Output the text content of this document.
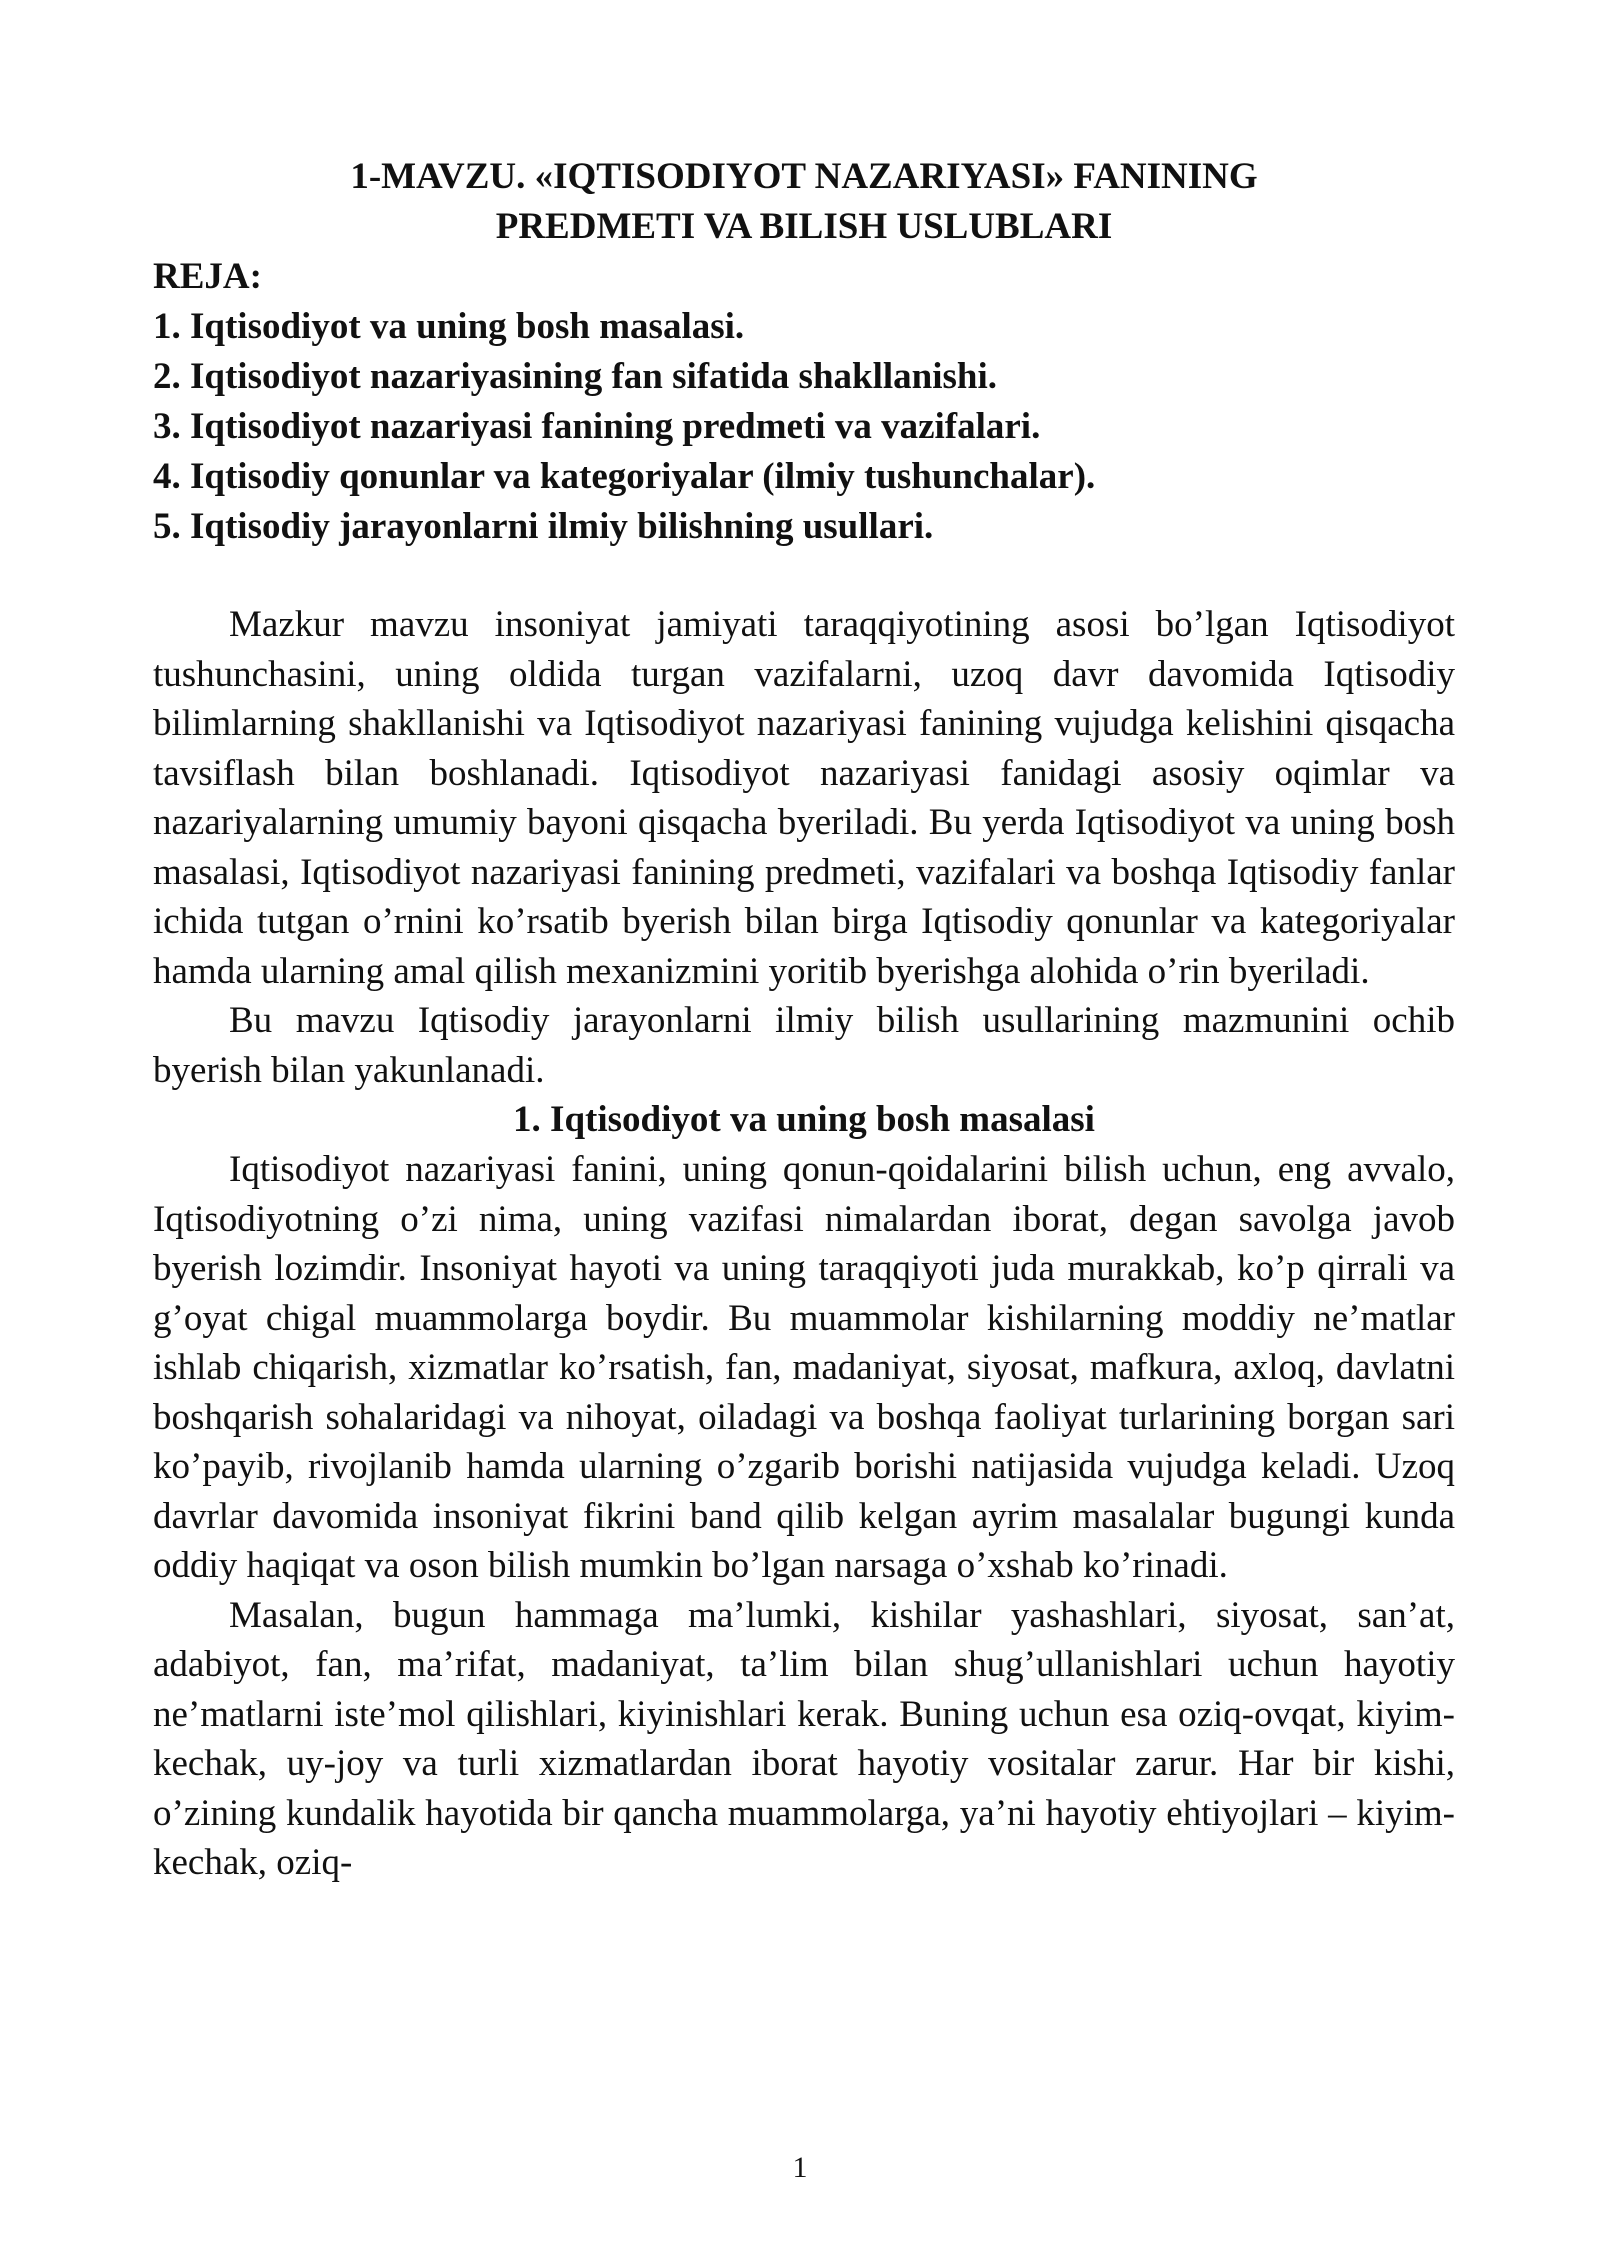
1-MAVZU. «IQTISODIYOT NAZARIYASI» FANINING

PREDMETI VA BILISH USLUBLARI

REJA:

1. Iqtisodiyot va uning bosh masalasi.
2. Iqtisodiyot nazariyasining fan sifatida shakllanishi.
3. Iqtisodiyot nazariyasi fanining predmeti va vazifalari.
4. Iqtisodiy qonunlar va kategoriyalar (ilmiy tushunchalar).
5. Iqtisodiy jarayonlarni ilmiy bilishning usullari.

Mazkur mavzu insoniyat jamiyati taraqqiyotining asosi bo’lgan Iqtisodiyot tushunchasini, uning oldida turgan vazifalarni, uzoq davr davomida Iqtisodiy bilimlarning shakllanishi va Iqtisodiyot nazariyasi fanining vujudga kelishini qisqacha tavsiflash bilan boshlanadi. Iqtisodiyot nazariyasi fanidagi asosiy oqimlar va nazariyalarning umumiy bayoni qisqacha byeriladi. Bu yerda Iqtisodiyot va uning bosh masalasi, Iqtisodiyot nazariyasi fanining predmeti, vazifalari va boshqa Iqtisodiy fanlar ichida tutgan o’rnini ko’rsatib byerish bilan birga Iqtisodiy qonunlar va kategoriyalar hamda ularning amal qilish mexanizmini yoritib byerishga alohida o’rin byeriladi.

Bu mavzu Iqtisodiy jarayonlarni ilmiy bilish usullarining mazmunini ochib byerish bilan yakunlanadi.

1. Iqtisodiyot va uning bosh masalasi

Iqtisodiyot nazariyasi fanini, uning qonun-qoidalarini bilish uchun, eng avvalo, Iqtisodiyotning o’zi nima, uning vazifasi nimalardan iborat, degan savolga javob byerish lozimdir. Insoniyat hayoti va uning taraqqiyoti juda murakkab, ko’p qirrali va g’oyat chigal muammolarga boydir. Bu muammolar kishilarning moddiy ne’matlar ishlab chiqarish, xizmatlar ko’rsatish, fan, madaniyat, siyosat, mafkura, axloq, davlatni boshqarish sohalaridagi va nihoyat, oiladagi va boshqa faoliyat turlarining borgan sari ko’payib, rivojlanib hamda ularning o’zgarib borishi natijasida vujudga keladi. Uzoq davrlar davomida insoniyat fikrini band qilib kelgan ayrim masalalar bugungi kunda oddiy haqiqat va oson bilish mumkin bo’lgan narsaga o’xshab ko’rinadi.

Masalan, bugun hammaga ma’lumki, kishilar yashashlari, siyosat, san’at, adabiyot, fan, ma’rifat, madaniyat, ta’lim bilan shug’ullanishlari uchun hayotiy ne’matlarni iste’mol qilishlari, kiyinishlari kerak. Buning uchun esa oziq-ovqat, kiyim-kechak, uy-joy va turli xizmatlardan iborat hayotiy vositalar zarur. Har bir kishi, o’zining kundalik hayotida bir qancha muammolarga, ya’ni hayotiy ehtiyojlari – kiyim-kechak, oziq-

1
